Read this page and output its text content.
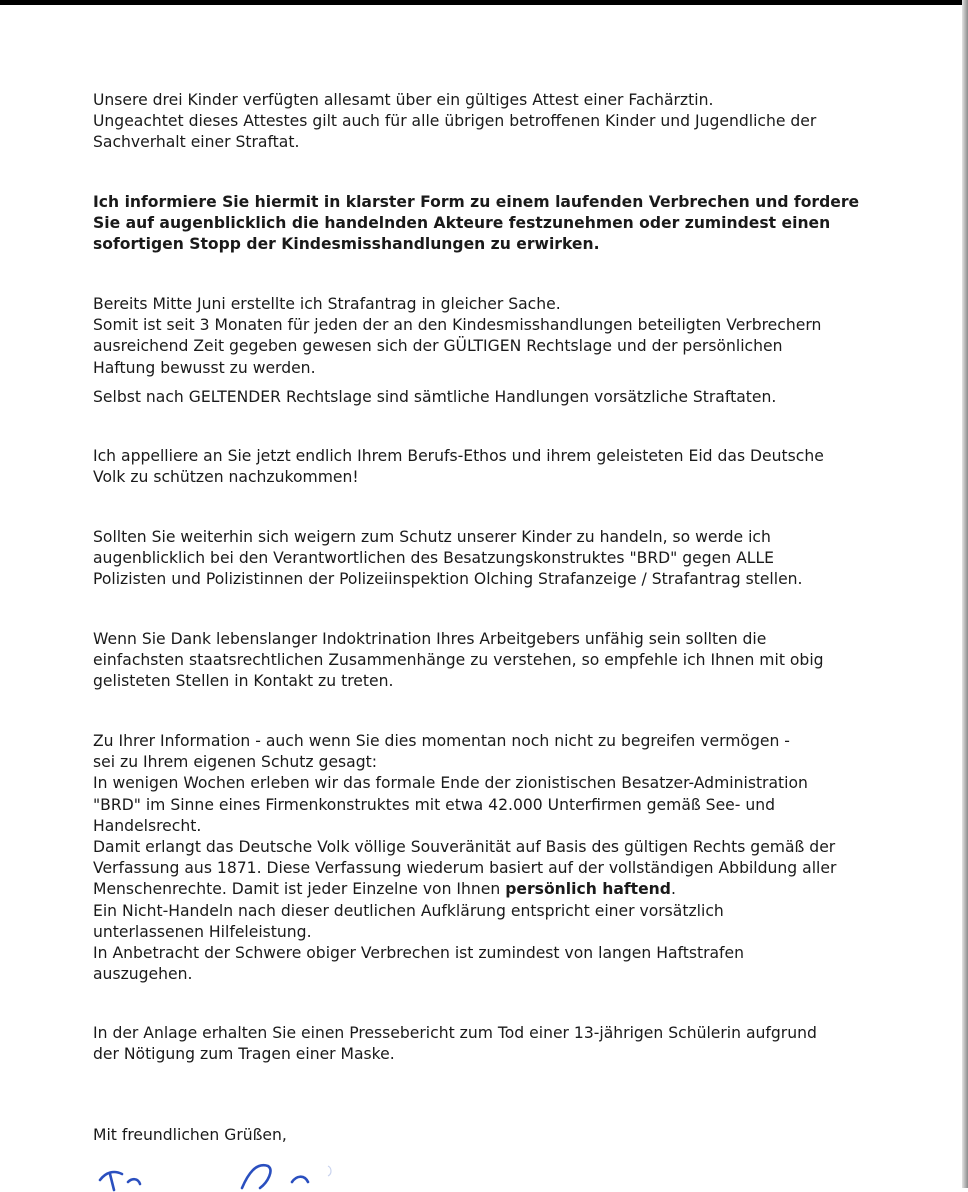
Unsere drei Kinder verfügten allesamt über ein gültiges Attest einer Fachärztin.
Ungeachtet dieses Attestes gilt auch für alle übrigen betroffenen Kinder und Jugendliche der
Sachverhalt einer Straftat.
Ich informiere Sie hiermit in klarster Form zu einem laufenden Verbrechen und fordere
Sie auf augenblicklich die handelnden Akteure festzunehmen oder zumindest einen
sofortigen Stopp der Kindesmisshandlungen zu erwirken.
Bereits Mitte Juni erstellte ich Strafantrag in gleicher Sache.
Somit ist seit 3 Monaten für jeden der an den Kindesmisshandlungen beteiligten Verbrechern
ausreichend Zeit gegeben gewesen sich der GÜLTIGEN Rechtslage und der persönlichen
Haftung bewusst zu werden.
Selbst nach GELTENDER Rechtslage sind sämtliche Handlungen vorsätzliche Straftaten.
Ich appelliere an Sie jetzt endlich Ihrem Berufs-Ethos und ihrem geleisteten Eid das Deutsche
Volk zu schützen nachzukommen!
Sollten Sie weiterhin sich weigern zum Schutz unserer Kinder zu handeln, so werde ich
augenblicklich bei den Verantwortlichen des Besatzungskonstruktes "BRD" gegen ALLE
Polizisten und Polizistinnen der Polizeiinspektion Olching Strafanzeige / Strafantrag stellen.
Wenn Sie Dank lebenslanger Indoktrination Ihres Arbeitgebers unfähig sein sollten die
einfachsten staatsrechtlichen Zusammenhänge zu verstehen, so empfehle ich Ihnen mit obig
gelisteten Stellen in Kontakt zu treten.
Zu Ihrer Information - auch wenn Sie dies momentan noch nicht zu begreifen vermögen -
sei zu Ihrem eigenen Schutz gesagt:
In wenigen Wochen erleben wir das formale Ende der zionistischen Besatzer-Administration
"BRD" im Sinne eines Firmenkonstruktes mit etwa 42.000 Unterfirmen gemäß See- und
Handelsrecht.
Damit erlangt das Deutsche Volk völlige Souveränität auf Basis des gültigen Rechts gemäß der
Verfassung aus 1871. Diese Verfassung wiederum basiert auf der vollständigen Abbildung aller
Menschenrechte. Damit ist jeder Einzelne von Ihnen persönlich haftend.
Ein Nicht-Handeln nach dieser deutlichen Aufklärung entspricht einer vorsätzlich
unterlassenen Hilfeleistung.
In Anbetracht der Schwere obiger Verbrechen ist zumindest von langen Haftstrafen
auszugehen.
In der Anlage erhalten Sie einen Pressebericht zum Tod einer 13-jährigen Schülerin aufgrund
der Nötigung zum Tragen einer Maske.
Mit freundlichen Grüßen,
